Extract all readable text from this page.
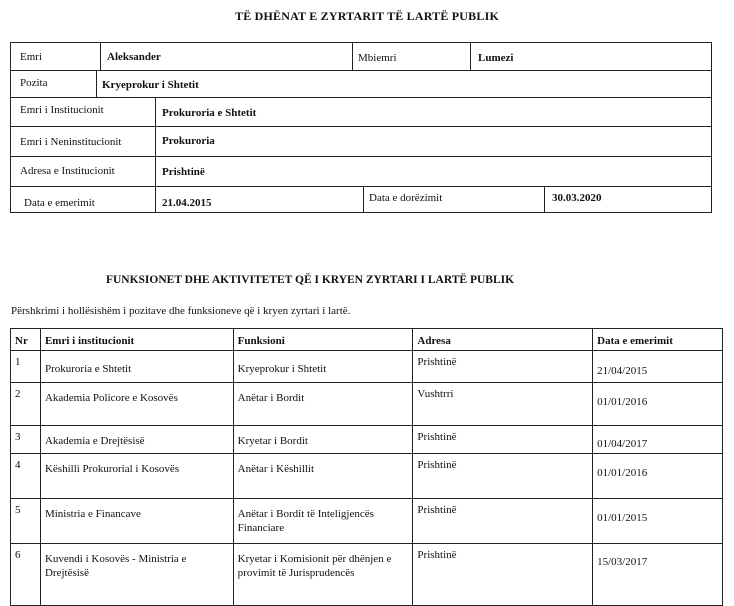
TË DHËNAT E ZYRTARIT TË LARTË PUBLIK
Emri	Aleksander	Mbiemri	Lumezi
Pozita	Kryeprokur i Shtetit
Emri i Institucionit	Prokuroria e Shtetit
Emri i Neninstitucionit	Prokuroria
Adresa e Institucionit	Prishtinë
Data e emerimit	21.04.2015	Data e dorëzimit	30.03.2020
FUNKSIONET DHE AKTIVITETET QË I KRYEN ZYRTARI I LARTË PUBLIK
Përshkrimi i hollësishëm i pozitave dhe funksioneve që i kryen zyrtari i lartë.
Nr	Emri i institucionit	Funksioni	Adresa	Data e emerimit
1	Prokuroria e Shtetit	Kryeprokur i Shtetit	Prishtinë	21/04/2015
2	Akademia Policore e Kosovës	Anëtar i Bordit	Vushtrri	01/01/2016
3	Akademia e Drejtësisë	Kryetar i Bordit	Prishtinë	01/04/2017
4	Këshilli Prokurorial i Kosovës	Anëtar i Këshillit	Prishtinë	01/01/2016
5	Ministria e Financave	Anëtar i Bordit të Inteligjencës Financiare	Prishtinë	01/01/2015
6	Kuvendi i Kosovës - Ministria e Drejtësisë	Kryetar i Komisionit për dhënjen e provimit të Jurisprudencës	Prishtinë	15/03/2017
